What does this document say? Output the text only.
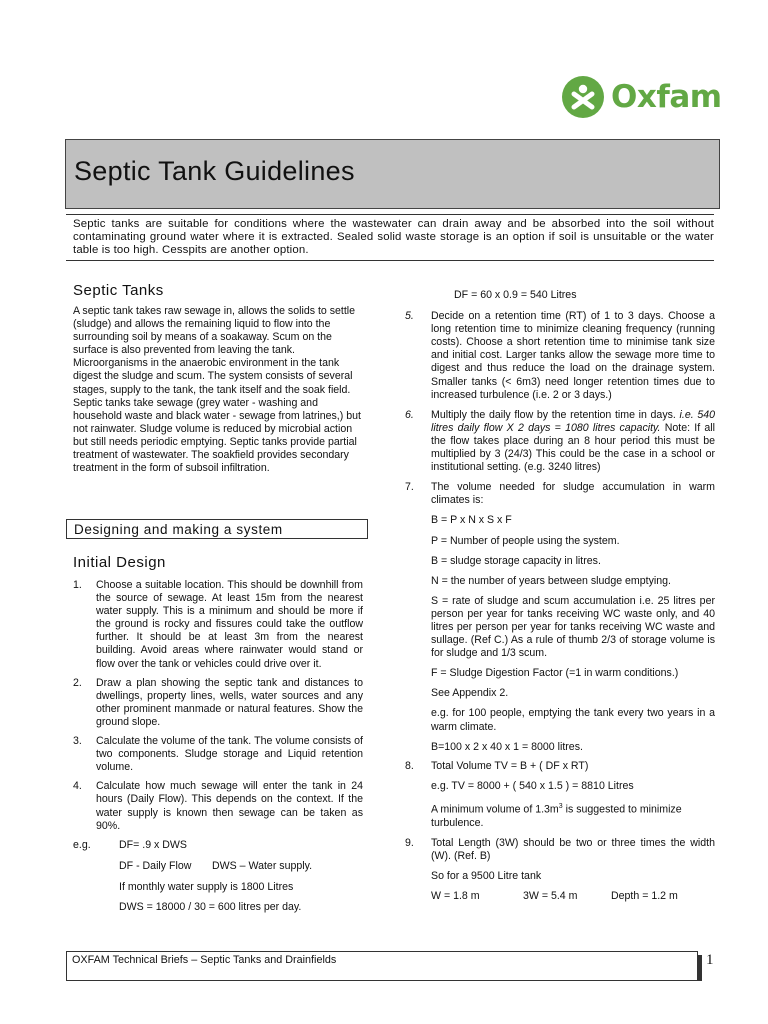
Oxfam
Septic Tank Guidelines

Septic tanks are suitable for conditions where the wastewater can drain away and be absorbed into the soil without contaminating ground water where it is extracted. Sealed solid waste storage is an option if soil is unsuitable or the water table is too high. Cesspits are another option.

Septic Tanks

A septic tank takes raw sewage in, allows the solids to settle (sludge) and allows the remaining liquid to flow into the surrounding soil by means of a soakaway. Scum on the surface is also prevented from leaving the tank. Microorganisms in the anaerobic environment in the tank digest the sludge and scum. The system consists of several stages, supply to the tank, the tank itself and the soak field. Septic tanks take sewage (grey water - washing and household waste and black water - sewage from latrines,) but not rainwater. Sludge volume is reduced by microbial action but still needs periodic emptying. Septic tanks provide partial treatment of wastewater. The soakfield provides secondary treatment in the form of subsoil infiltration.

Designing and making a system
Initial Design
1. Choose a suitable location. This should be downhill from the source of sewage. At least 15m from the nearest water supply. This is a minimum and should be more if the ground is rocky and fissures could take the outflow further. It should be at least 3m from the nearest building. Avoid areas where rainwater would stand or flow over the tank or vehicles could drive over it.
2. Draw a plan showing the septic tank and distances to dwellings, property lines, wells, water sources and any other prominent manmade or natural features. Show the ground slope.
3. Calculate the volume of the tank. The volume consists of two components. Sludge storage and Liquid retention volume.
4. Calculate how much sewage will enter the tank in 24 hours (Daily Flow). This depends on the context. If the water supply is known then sewage can be taken as 90%.
e.g.	DF= .9 x DWS
DF - Daily Flow DWS – Water supply.

If monthly water supply is 1800 Litres

DWS = 18000 / 30 = 600 litres per day.

DF = 60 x 0.9 = 540 Litres

5. Decide on a retention time (RT) of 1 to 3 days. Choose a long retention time to minimize cleaning frequency (running costs). Choose a short retention time to minimise tank size and initial cost. Larger tanks allow the sewage more time to digest and thus reduce the load on the drainage system. Smaller tanks (< 6m3) need longer retention times due to increased turbulence (i.e. 2 or 3 days.)
6. Multiply the daily flow by the retention time in days. i.e. 540 litres daily flow X 2 days = 1080 litres capacity. Note: If all the flow takes place during an 8 hour period this must be multiplied by 3 (24/3) This could be the case in a school or institutional setting. (e.g. 3240 litres)
7. The volume needed for sludge accumulation in warm climates is:

B = P x N x S x F

P = Number of people using the system.

B = sludge storage capacity in litres.

N = the number of years between sludge emptying.

S = rate of sludge and scum accumulation i.e. 25 litres per person per year for tanks receiving WC waste only, and 40 litres per person per year for tanks receiving WC waste and sullage. (Ref C.) As a rule of thumb 2/3 of storage volume is for sludge and 1/3 scum.

F = Sludge Digestion Factor (=1 in warm conditions.)

See Appendix 2.

e.g. for 100 people, emptying the tank every two years in a warm climate.

B=100 x 2 x 40 x 1 = 8000 litres.

8. Total Volume TV = B + ( DF x RT)

e.g. TV = 8000 + ( 540 x 1.5 ) = 8810 Litres

A minimum volume of $1.3m^3$ is suggested to minimize turbulence.

9. Total Length (3W) should be two or three times the width (W). (Ref. B)

So for a 9500 Litre tank

W = 1.8 m	3W = 5.4 m	Depth = 1.2 m
OXFAM Technical Briefs – Septic Tanks and Drainfields	1
